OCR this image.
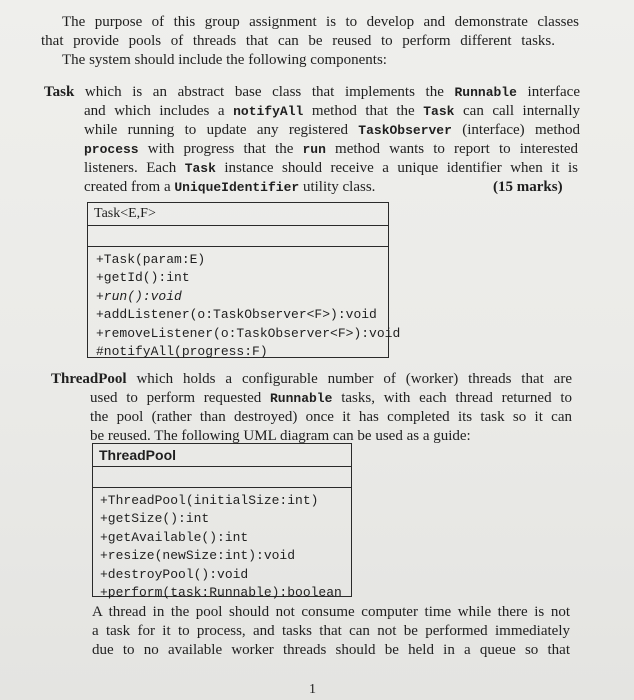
The purpose of this group assignment is to develop and demonstrate classes
that provide pools of threads that can be reused to perform different tasks.
The system should include the following components:
Task which is an abstract base class that implements the Runnable interface
and which includes a notifyAll method that the Task can call internally
while running to update any registered TaskObserver (interface) method
process with progress that the run method wants to report to interested
listeners. Each Task instance should receive a unique identifier when it is
created from a UniqueIdentifier utility class.	(15 marks)
Task<E,F>
+Task(param:E)
+getId():int
+run():void
+addListener(o:TaskObserver<F>):void
+removeListener(o:TaskObserver<F>):void
#notifyAll(progress:F)
ThreadPool which holds a configurable number of (worker) threads that are
used to perform requested Runnable tasks, with each thread returned to
the pool (rather than destroyed) once it has completed its task so it can
be reused. The following UML diagram can be used as a guide:
ThreadPool
+ThreadPool(initialSize:int)
+getSize():int
+getAvailable():int
+resize(newSize:int):void
+destroyPool():void
+perform(task:Runnable):boolean
A thread in the pool should not consume computer time while there is not
a task for it to process, and tasks that can not be performed immediately
due to no available worker threads should be held in a queue so that
1
